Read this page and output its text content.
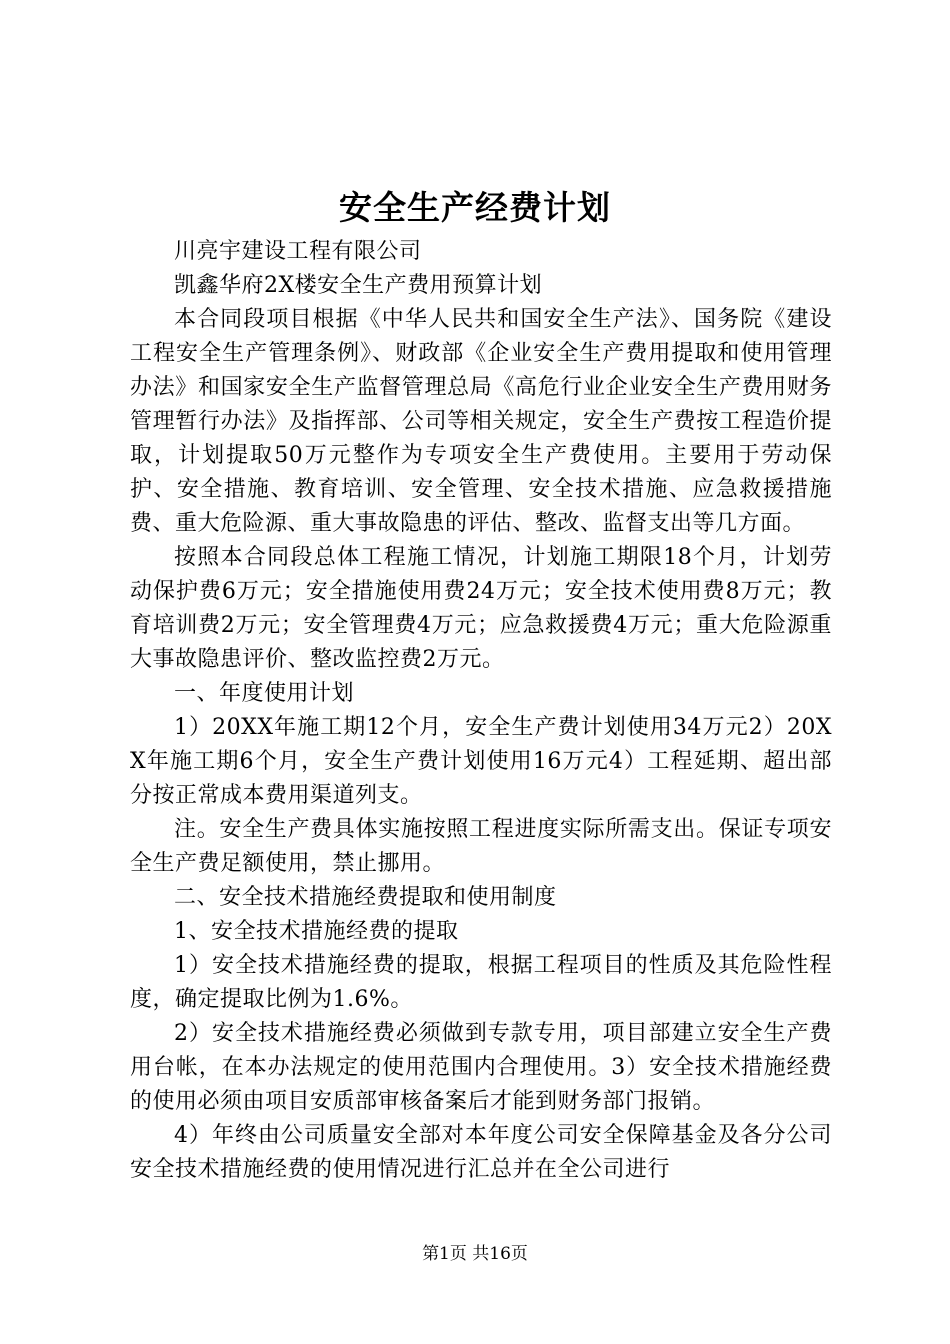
安全生产经费计划

川亮宇建设工程有限公司

凯鑫华府2X楼安全生产费用预算计划

本合同段项目根据《中华人民共和国安全生产法》、国务院《建设工程安全生产管理条例》、财政部《企业安全生产费用提取和使用管理办法》和国家安全生产监督管理总局《高危行业企业安全生产费用财务管理暂行办法》及指挥部、公司等相关规定，安全生产费按工程造价提取，计划提取50万元整作为专项安全生产费使用。主要用于劳动保护、安全措施、教育培训、安全管理、安全技术措施、应急救援措施费、重大危险源、重大事故隐患的评估、整改、监督支出等几方面。

按照本合同段总体工程施工情况，计划施工期限18个月，计划劳动保护费6万元；安全措施使用费24万元；安全技术使用费8万元；教育培训费2万元；安全管理费4万元；应急救援费4万元；重大危险源重大事故隐患评价、整改监控费2万元。

一、年度使用计划

1）20XX年施工期12个月，安全生产费计划使用34万元2）20XX年施工期6个月，安全生产费计划使用16万元4）工程延期、超出部分按正常成本费用渠道列支。

注。安全生产费具体实施按照工程进度实际所需支出。保证专项安全生产费足额使用，禁止挪用。

二、安全技术措施经费提取和使用制度

1、安全技术措施经费的提取

1）安全技术措施经费的提取，根据工程项目的性质及其危险性程度，确定提取比例为1.6%。

2）安全技术措施经费必须做到专款专用，项目部建立安全生产费用台帐，在本办法规定的使用范围内合理使用。3）安全技术措施经费的使用必须由项目安质部审核备案后才能到财务部门报销。

4）年终由公司质量安全部对本年度公司安全保障基金及各分公司安全技术措施经费的使用情况进行汇总并在全公司进行

第1页 共16页
